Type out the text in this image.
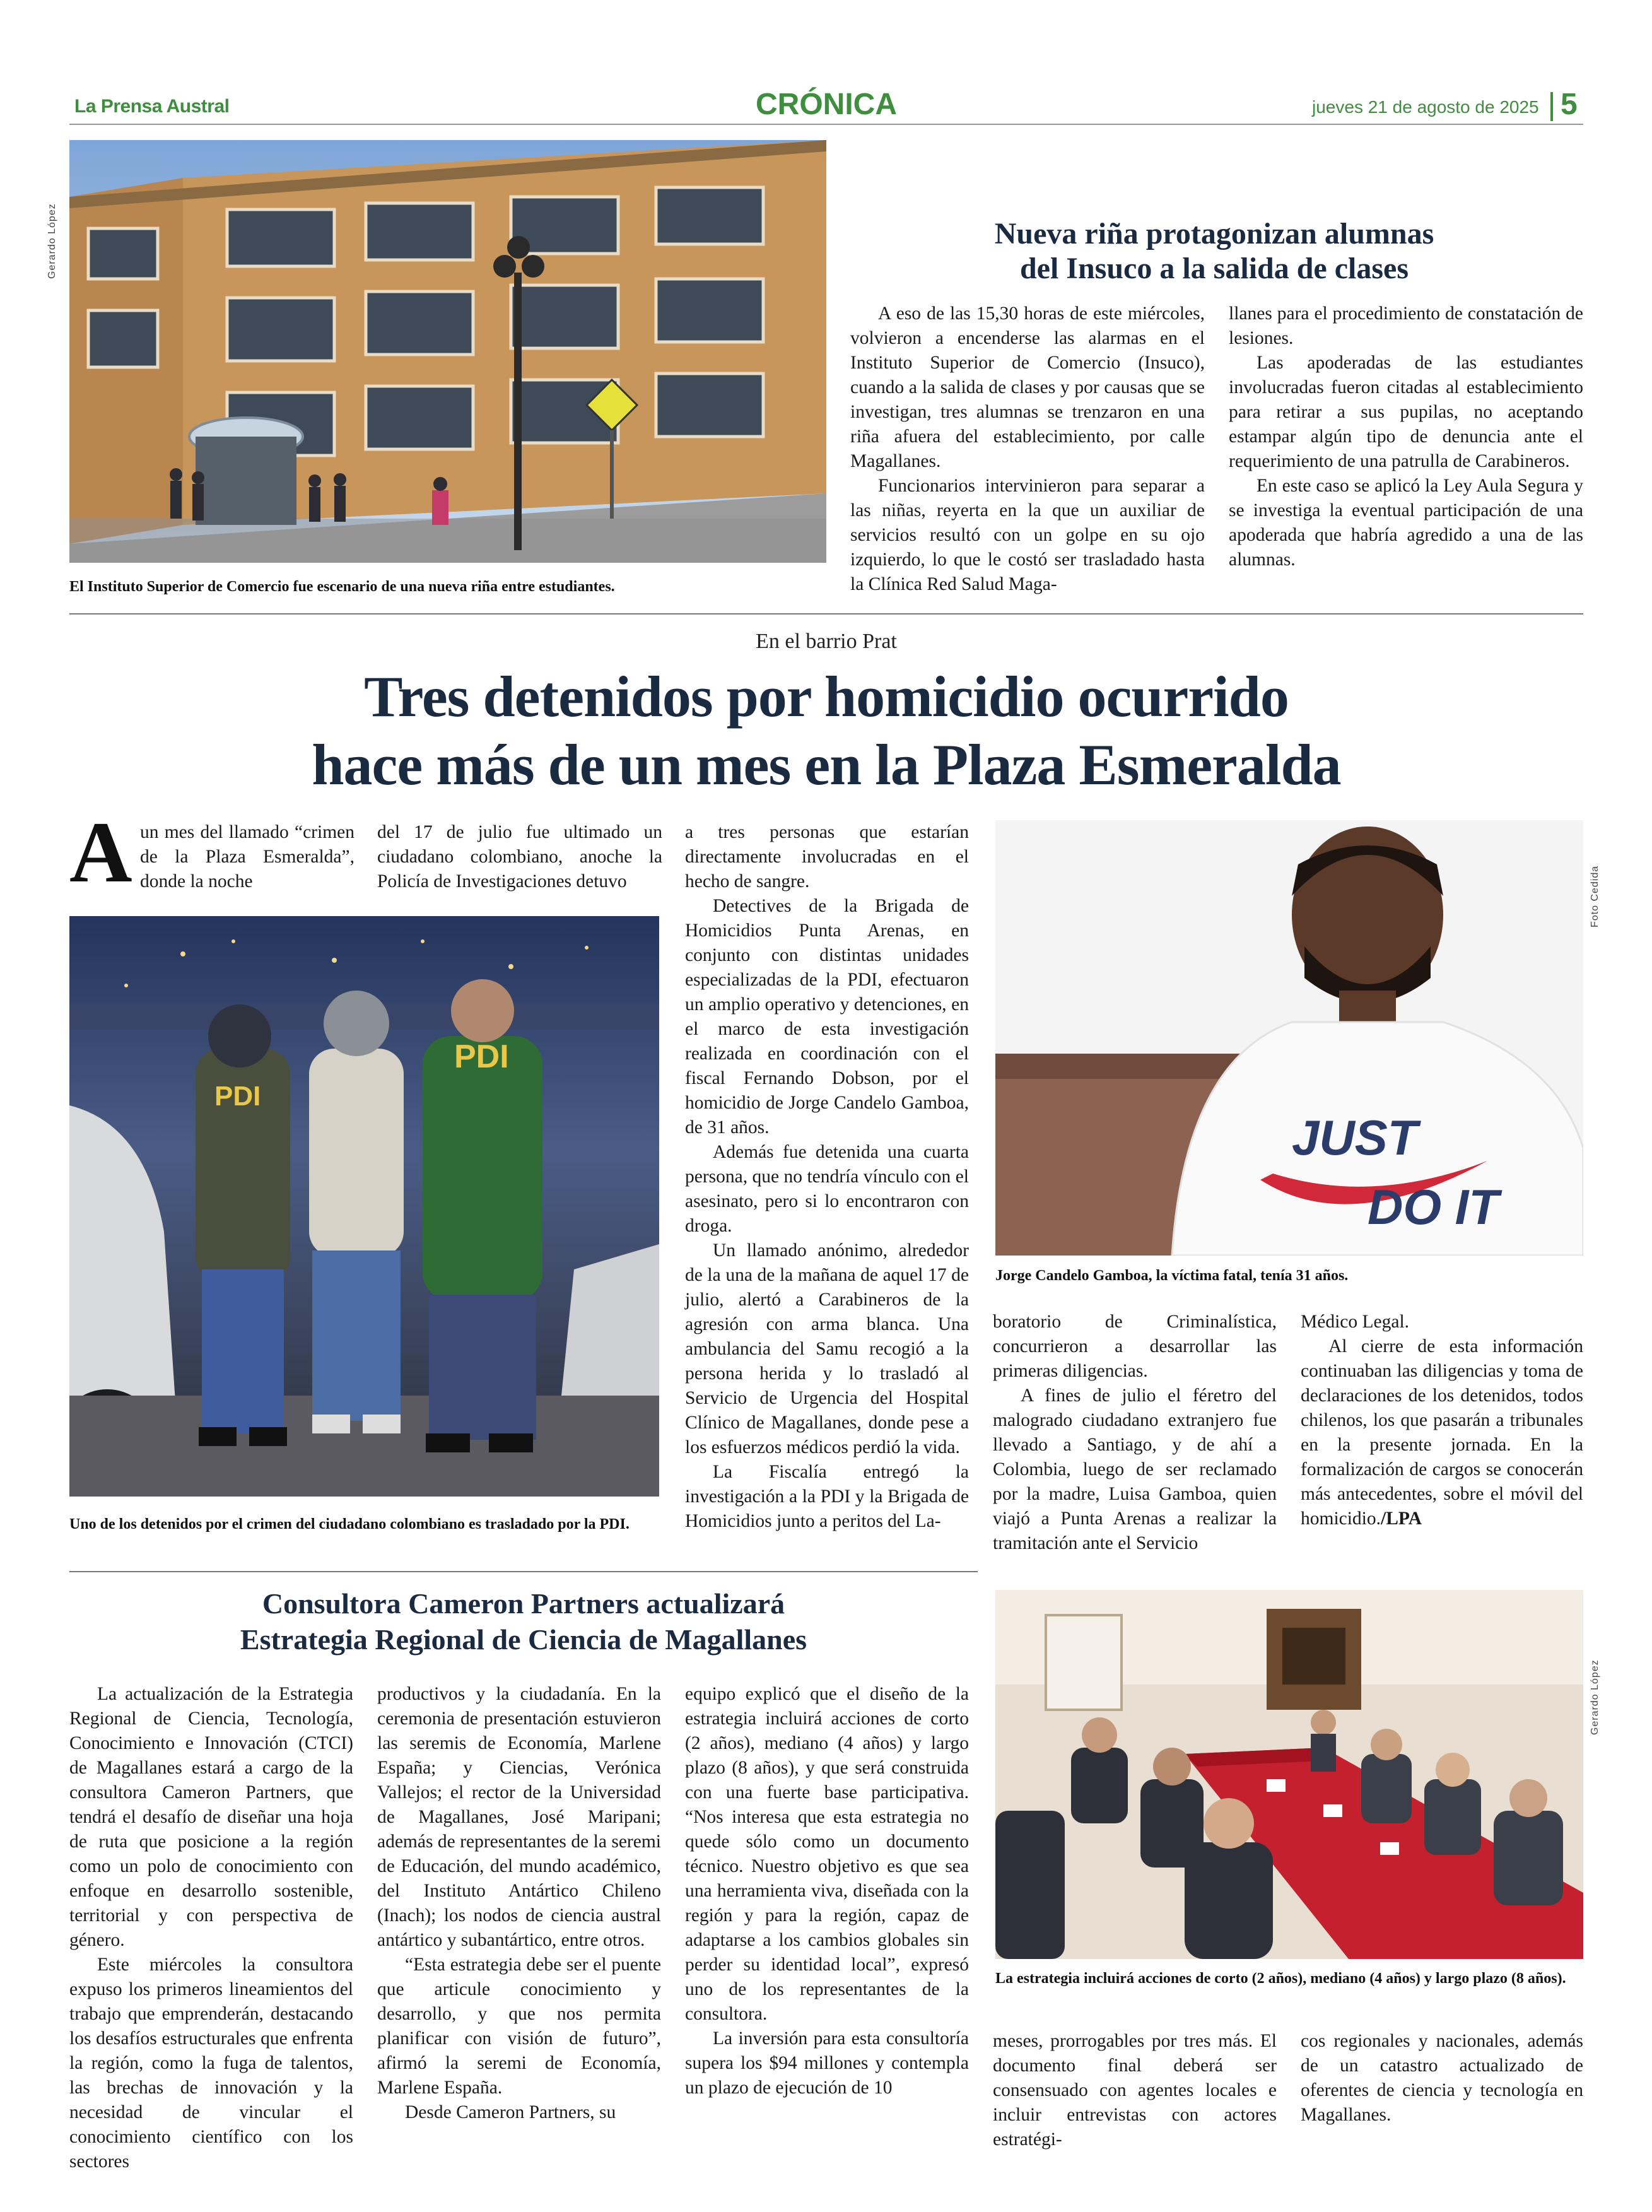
La Prensa Austral	CRÓNICA	jueves 21 de agosto de 2025 5
Gerardo López
El Instituto Superior de Comercio fue escenario de una nueva riña entre estudiantes.
Nueva riña protagonizan alumnas
del Insuco a la salida de clases

A eso de las 15,30 horas de este miércoles, volvieron a encenderse las alarmas en el Instituto Superior de Comercio (Insuco), cuando a la salida de clases y por causas que se investigan, tres alumnas se trenzaron en una riña afuera del establecimiento, por calle Magallanes.

Funcionarios intervinieron para separar a las niñas, reyerta en la que un auxiliar de servicios resultó con un golpe en su ojo izquierdo, lo que le costó ser trasladado hasta la Clínica Red Salud Maga-

llanes para el procedimiento de constatación de lesiones.

Las apoderadas de las estudiantes involucradas fueron citadas al establecimiento para retirar a sus pupilas, no aceptando estampar algún tipo de denuncia ante el requerimiento de una patrulla de Carabineros.

En este caso se aplicó la Ley Aula Segura y se investiga la eventual participación de una apoderada que habría agredido a una de las alumnas.

En el barrio Prat
Tres detenidos por homicidio ocurrido
hace más de un mes en la Plaza Esmeralda
A un mes del llamado “crimen de la Plaza Esmeralda”, donde la noche

del 17 de julio fue ultimado un ciudadano colombiano, anoche la Policía de Investigaciones detuvo

PDI
PDI
Uno de los detenidos por el crimen del ciudadano colombiano es trasladado por la PDI.

a tres personas que estarían directamente involucradas en el hecho de sangre.

Detectives de la Brigada de Homicidios Punta Arenas, en conjunto con distintas unidades especializadas de la PDI, efectuaron un amplio operativo y detenciones, en el marco de esta investigación realizada en coordinación con el fiscal Fernando Dobson, por el homicidio de Jorge Candelo Gamboa, de 31 años.

Además fue detenida una cuarta persona, que no tendría vínculo con el asesinato, pero si lo encontraron con droga.

Un llamado anónimo, alrededor de la una de la mañana de aquel 17 de julio, alertó a Carabineros de la agresión con arma blanca. Una ambulancia del Samu recogió a la persona herida y lo trasladó al Servicio de Urgencia del Hospital Clínico de Magallanes, donde pese a los esfuerzos médicos perdió la vida.

La Fiscalía entregó la investigación a la PDI y la Brigada de Homicidios junto a peritos del La-

Foto Cedida
JUST
DO IT
Jorge Candelo Gamboa, la víctima fatal, tenía 31 años.

boratorio de Criminalística, concurrieron a desarrollar las primeras diligencias.

A fines de julio el féretro del malogrado ciudadano extranjero fue llevado a Santiago, y de ahí a Colombia, luego de ser reclamado por la madre, Luisa Gamboa, quien viajó a Punta Arenas a realizar la tramitación ante el Servicio

Médico Legal.

Al cierre de esta información continuaban las diligencias y toma de declaraciones de los detenidos, todos chilenos, los que pasarán a tribunales en la presente jornada. En la formalización de cargos se conocerán más antecedentes, sobre el móvil del homicidio./LPA

Consultora Cameron Partners actualizará
Estrategia Regional de Ciencia de Magallanes

La actualización de la Estrategia Regional de Ciencia, Tecnología, Conocimiento e Innovación (CTCI) de Magallanes estará a cargo de la consultora Cameron Partners, que tendrá el desafío de diseñar una hoja de ruta que posicione a la región como un polo de conocimiento con enfoque en desarrollo sostenible, territorial y con perspectiva de género.

Este miércoles la consultora expuso los primeros lineamientos del trabajo que emprenderán, destacando los desafíos estructurales que enfrenta la región, como la fuga de talentos, las brechas de innovación y la necesidad de vincular el conocimiento científico con los sectores

productivos y la ciudadanía. En la ceremonia de presentación estuvieron las seremis de Economía, Marlene España; y Ciencias, Verónica Vallejos; el rector de la Universidad de Magallanes, José Maripani; además de representantes de la seremi de Educación, del mundo académico, del Instituto Antártico Chileno (Inach); los nodos de ciencia austral antártico y subantártico, entre otros.

“Esta estrategia debe ser el puente que articule conocimiento y desarrollo, y que nos permita planificar con visión de futuro”, afirmó la seremi de Economía, Marlene España.

Desde Cameron Partners, su

equipo explicó que el diseño de la estrategia incluirá acciones de corto (2 años), mediano (4 años) y largo plazo (8 años), y que será construida con una fuerte base participativa. “Nos interesa que esta estrategia no quede sólo como un documento técnico. Nuestro objetivo es que sea una herramienta viva, diseñada con la región y para la región, capaz de adaptarse a los cambios globales sin perder su identidad local”, expresó uno de los representantes de la consultora.

La inversión para esta consultoría supera los $94 millones y contempla un plazo de ejecución de 10

Gerardo López
La estrategia incluirá acciones de corto (2 años), mediano (4 años) y largo plazo (8 años).

meses, prorrogables por tres más. El documento final deberá ser consensuado con agentes locales e incluir entrevistas con actores estratégi-

cos regionales y nacionales, además de un catastro actualizado de oferentes de ciencia y tecnología en Magallanes.
